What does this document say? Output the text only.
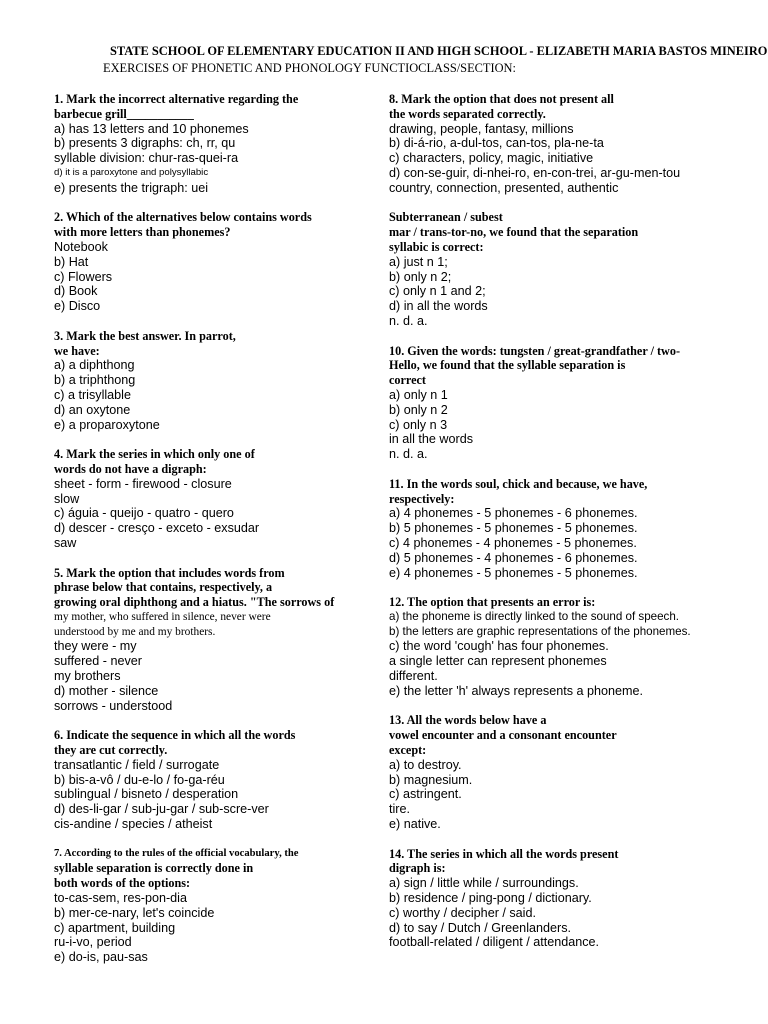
STATE SCHOOL OF ELEMENTARY EDUCATION II AND HIGH SCHOOL - ELIZABETH MARIA BASTOS MINEIRO
EXERCISES OF PHONETIC AND PHONOLOGY FUNCTIOCLASS/SECTION:
1. Mark the incorrect alternative regarding the
barbecue grill___________
a) has 13 letters and 10 phonemes
b) presents 3 digraphs: ch, rr, qu
syllable division: chur-ras-quei-ra
d) it is a paroxytone and polysyllabic
e) presents the trigraph: uei
2. Which of the alternatives below contains words
with more letters than phonemes?
Notebook
b) Hat
c) Flowers
d) Book
e) Disco
3. Mark the best answer. In parrot,
we have:
a) a diphthong
b) a triphthong
c) a trisyllable
d) an oxytone
e) a proparoxytone
4. Mark the series in which only one of
words do not have a digraph:
sheet - form - firewood - closure
slow
c) águia - queijo - quatro - quero
d) descer - cresço - exceto - exsudar
saw
5. Mark the option that includes words from
phrase below that contains, respectively, a
growing oral diphthong and a hiatus. "The sorrows of
my mother, who suffered in silence, never were
understood by me and my brothers.
they were - my
suffered - never
my brothers
d) mother - silence
sorrows - understood
6. Indicate the sequence in which all the words
they are cut correctly.
transatlantic / field / surrogate
b) bis-a-vô / du-e-lo / fo-ga-réu
sublingual / bisneto / desperation
d) des-li-gar / sub-ju-gar / sub-scre-ver
cis-andine / species / atheist
7. According to the rules of the official vocabulary, the
syllable separation is correctly done in
both words of the options:
to-cas-sem, res-pon-dia
b) mer-ce-nary, let's coincide
c) apartment, building
ru-i-vo, period
e) do-is, pau-sas
8. Mark the option that does not present all
the words separated correctly.
drawing, people, fantasy, millions
b) di-á-rio, a-dul-tos, can-tos, pla-ne-ta
c) characters, policy, magic, initiative
d) con-se-guir, di-nhei-ro, en-con-trei, ar-gu-men-tou
country, connection, presented, authentic
Subterranean / subest
mar / trans-tor-no, we found that the separation
syllabic is correct:
a) just n 1;
b) only n 2;
c) only n 1 and 2;
d) in all the words
n. d. a.
10. Given the words: tungsten / great-grandfather / two-
Hello, we found that the syllable separation is
correct
a) only n 1
b) only n 2
c) only n 3
in all the words
n. d. a.
11. In the words soul, chick and because, we have,
respectively:
a) 4 phonemes - 5 phonemes - 6 phonemes.
b) 5 phonemes - 5 phonemes - 5 phonemes.
c) 4 phonemes - 4 phonemes - 5 phonemes.
d) 5 phonemes - 4 phonemes - 6 phonemes.
e) 4 phonemes - 5 phonemes - 5 phonemes.
12. The option that presents an error is:
a) the phoneme is directly linked to the sound of speech.
b) the letters are graphic representations of the phonemes.
c) the word 'cough' has four phonemes.
a single letter can represent phonemes
different.
e) the letter 'h' always represents a phoneme.
13. All the words below have a
vowel encounter and a consonant encounter
except:
a) to destroy.
b) magnesium.
c) astringent.
tire.
e) native.
14. The series in which all the words present
digraph is:
a) sign / little while / surroundings.
b) residence / ping-pong / dictionary.
c) worthy / decipher / said.
d) to say / Dutch / Greenlanders.
football-related / diligent / attendance.
